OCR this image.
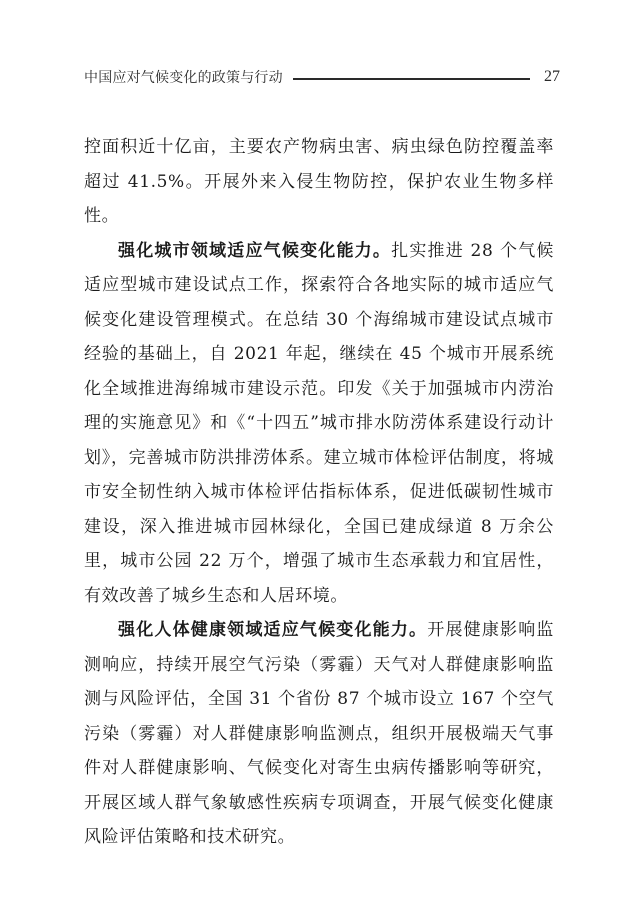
中国应对气候变化的政策与行动	27

控面积近十亿亩，主要农产物病虫害、病虫绿色防控覆盖率超过 41.5%。开展外来入侵生物防控，保护农业生物多样性。

强化城市领域适应气候变化能力。扎实推进 28 个气候适应型城市建设试点工作，探索符合各地实际的城市适应气候变化建设管理模式。在总结 30 个海绵城市建设试点城市经验的基础上，自 2021 年起，继续在 45 个城市开展系统化全域推进海绵城市建设示范。印发《关于加强城市内涝治理的实施意见》和《“十四五”城市排水防涝体系建设行动计划》，完善城市防洪排涝体系。建立城市体检评估制度，将城市安全韧性纳入城市体检评估指标体系，促进低碳韧性城市建设，深入推进城市园林绿化，全国已建成绿道 8 万余公里，城市公园 22 万个，增强了城市生态承载力和宜居性，有效改善了城乡生态和人居环境。

强化人体健康领域适应气候变化能力。开展健康影响监测响应，持续开展空气污染（雾霾）天气对人群健康影响监测与风险评估，全国 31 个省份 87 个城市设立 167 个空气污染（雾霾）对人群健康影响监测点，组织开展极端天气事件对人群健康影响、气候变化对寄生虫病传播影响等研究，开展区域人群气象敏感性疾病专项调查，开展气候变化健康风险评估策略和技术研究。
